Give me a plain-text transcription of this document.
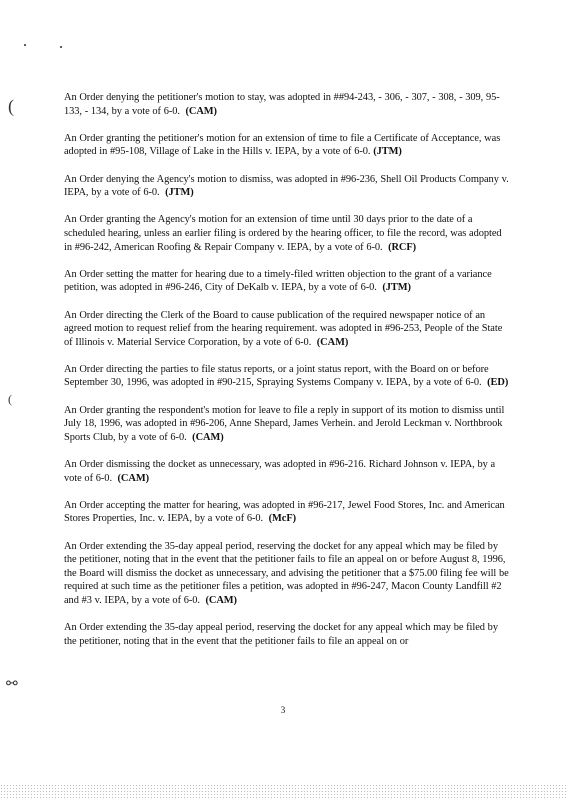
(
(
⚯

An Order denying the petitioner's motion to stay, was adopted in ##94-243, - 306, - 307, - 308, - 309, 95-133, - 134, by a vote of 6-0. (CAM)

An Order granting the petitioner's motion for an extension of time to file a Certificate of Acceptance, was adopted in #95-108, Village of Lake in the Hills v. IEPA, by a vote of 6-0. (JTM)

An Order denying the Agency's motion to dismiss, was adopted in #96-236, Shell Oil Products Company v. IEPA, by a vote of 6-0. (JTM)

An Order granting the Agency's motion for an extension of time until 30 days prior to the date of a scheduled hearing, unless an earlier filing is ordered by the hearing officer, to file the record, was adopted in #96-242, American Roofing & Repair Company v. IEPA, by a vote of 6-0. (RCF)

An Order setting the matter for hearing due to a timely-filed written objection to the grant of a variance petition, was adopted in #96-246, City of DeKalb v. IEPA, by a vote of 6-0. (JTM)

An Order directing the Clerk of the Board to cause publication of the required newspaper notice of an agreed motion to request relief from the hearing requirement. was adopted in #96-253, People of the State of Illinois v. Material Service Corporation, by a vote of 6-0. (CAM)

An Order directing the parties to file status reports, or a joint status report, with the Board on or before September 30, 1996, was adopted in #90-215, Spraying Systems Company v. IEPA, by a vote of 6-0. (ED)

An Order granting the respondent's motion for leave to file a reply in support of its motion to dismiss until July 18, 1996, was adopted in #96-206, Anne Shepard, James Verhein. and Jerold Leckman v. Northbrook Sports Club, by a vote of 6-0. (CAM)

An Order dismissing the docket as unnecessary, was adopted in #96-216. Richard Johnson v. IEPA, by a vote of 6-0. (CAM)

An Order accepting the matter for hearing, was adopted in #96-217, Jewel Food Stores, Inc. and American Stores Properties, Inc. v. IEPA, by a vote of 6-0. (McF)

An Order extending the 35-day appeal period, reserving the docket for any appeal which may be filed by the petitioner, noting that in the event that the petitioner fails to file an appeal on or before August 8, 1996, the Board will dismiss the docket as unnecessary, and advising the petitioner that a $75.00 filing fee will be required at such time as the petitioner files a petition, was adopted in #96-247, Macon County Landfill #2 and #3 v. IEPA, by a vote of 6-0. (CAM)

An Order extending the 35-day appeal period, reserving the docket for any appeal which may be filed by the petitioner, noting that in the event that the petitioner fails to file an appeal on or

3
